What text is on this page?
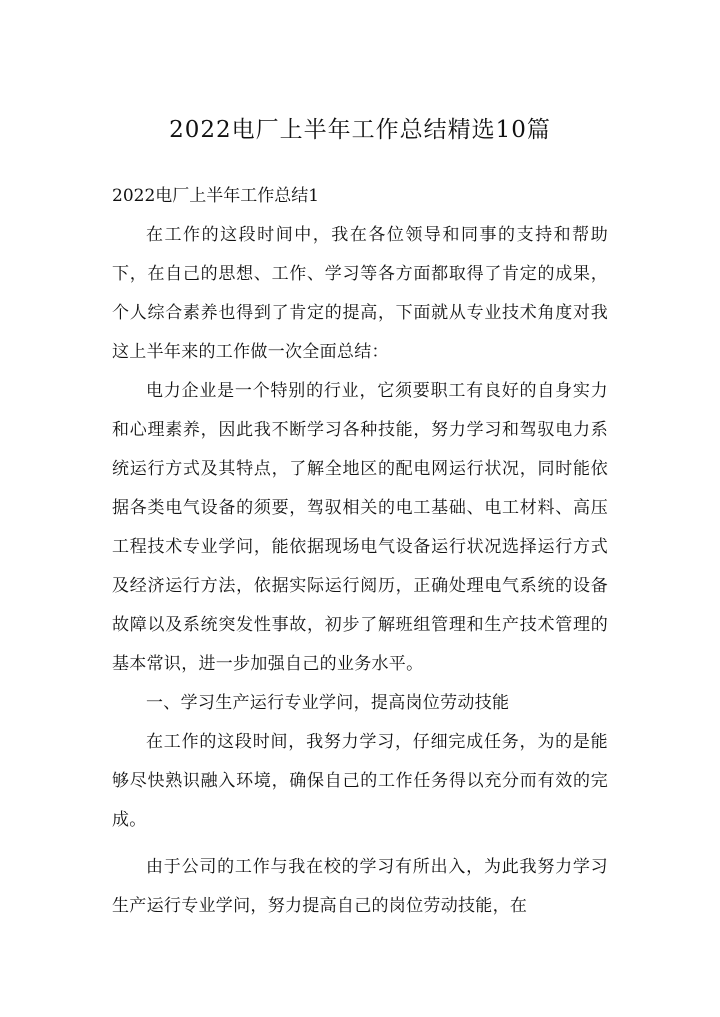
2022电厂上半年工作总结精选10篇

2022电厂上半年工作总结1

在工作的这段时间中，我在各位领导和同事的支持和帮助下，在自己的思想、工作、学习等各方面都取得了肯定的成果，个人综合素养也得到了肯定的提高，下面就从专业技术角度对我这上半年来的工作做一次全面总结：

电力企业是一个特别的行业，它须要职工有良好的自身实力和心理素养，因此我不断学习各种技能，努力学习和驾驭电力系统运行方式及其特点，了解全地区的配电网运行状况，同时能依据各类电气设备的须要，驾驭相关的电工基础、电工材料、高压工程技术专业学问，能依据现场电气设备运行状况选择运行方式及经济运行方法，依据实际运行阅历，正确处理电气系统的设备故障以及系统突发性事故，初步了解班组管理和生产技术管理的基本常识，进一步加强自己的业务水平。

一、学习生产运行专业学问，提高岗位劳动技能

在工作的这段时间，我努力学习，仔细完成任务，为的是能够尽快熟识融入环境，确保自己的工作任务得以充分而有效的完成。

由于公司的工作与我在校的学习有所出入，为此我努力学习生产运行专业学问，努力提高自己的岗位劳动技能，在
